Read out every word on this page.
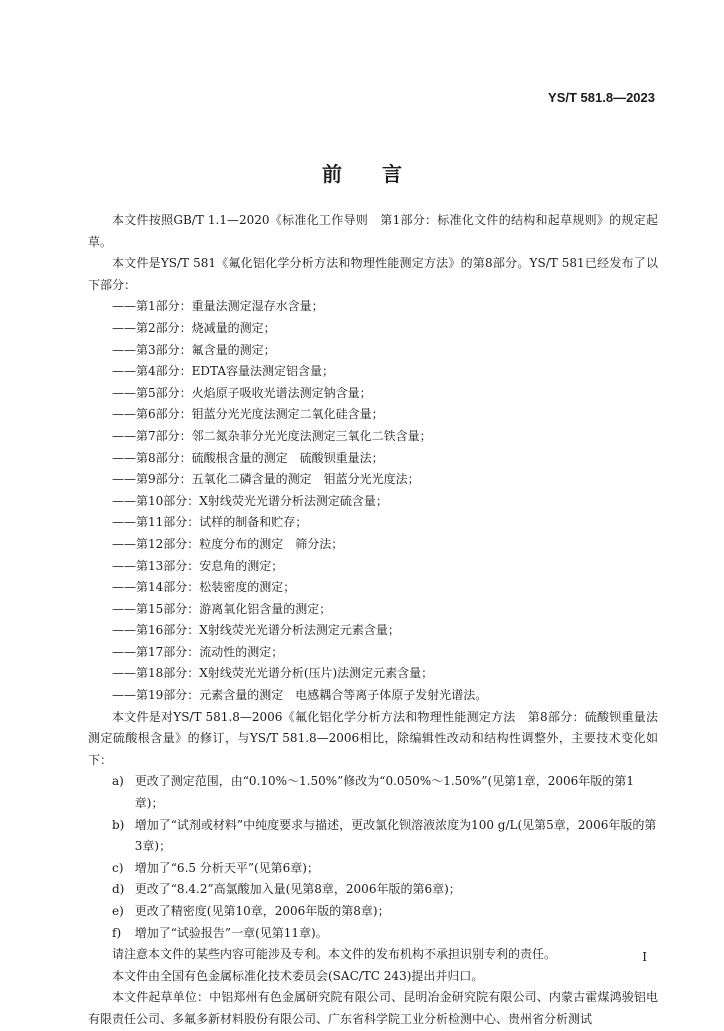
YS/T 581.8—2023
前言

本文件按照GB/T 1.1—2020《标准化工作导则　第1部分：标准化文件的结构和起草规则》的规定起草。

本文件是YS/T 581《氟化铝化学分析方法和物理性能测定方法》的第8部分。YS/T 581已经发布了以下部分：

——第1部分：重量法测定湿存水含量；

——第2部分：烧减量的测定；

——第3部分：氟含量的测定；

——第4部分：EDTA容量法测定铝含量；

——第5部分：火焰原子吸收光谱法测定钠含量；

——第6部分：钼蓝分光光度法测定二氧化硅含量；

——第7部分：邻二氮杂菲分光光度法测定三氧化二铁含量；

——第8部分：硫酸根含量的测定　硫酸钡重量法；

——第9部分：五氧化二磷含量的测定　钼蓝分光光度法；

——第10部分：X射线荧光光谱分析法测定硫含量；

——第11部分：试样的制备和贮存；

——第12部分：粒度分布的测定　筛分法；

——第13部分：安息角的测定；

——第14部分：松装密度的测定；

——第15部分：游离氧化铝含量的测定；

——第16部分：X射线荧光光谱分析法测定元素含量；

——第17部分：流动性的测定；

——第18部分：X射线荧光光谱分析(压片)法测定元素含量；

——第19部分：元素含量的测定　电感耦合等离子体原子发射光谱法。

本文件是对YS/T 581.8—2006《氟化铝化学分析方法和物理性能测定方法　第8部分：硫酸钡重量法测定硫酸根含量》的修订，与YS/T 581.8—2006相比，除编辑性改动和结构性调整外，主要技术变化如下：

a) 更改了测定范围，由“0.10%～1.50%”修改为“0.050%～1.50%”(见第1章，2006年版的第1章)；

b) 增加了“试剂或材料”中纯度要求与描述，更改氯化钡溶液浓度为100 g/L(见第5章，2006年版的第3章)；

c) 增加了“6.5 分析天平”(见第6章)；

d) 更改了“8.4.2”高氯酸加入量(见第8章，2006年版的第6章)；

e) 更改了精密度(见第10章，2006年版的第8章)；

f) 增加了“试验报告”一章(见第11章)。

请注意本文件的某些内容可能涉及专利。本文件的发布机构不承担识别专利的责任。

本文件由全国有色金属标准化技术委员会(SAC/TC 243)提出并归口。

本文件起草单位：中铝郑州有色金属研究院有限公司、昆明冶金研究院有限公司、内蒙古霍煤鸿骏铝电有限责任公司、多氟多新材料股份有限公司、广东省科学院工业分析检测中心、贵州省分析测试

I
